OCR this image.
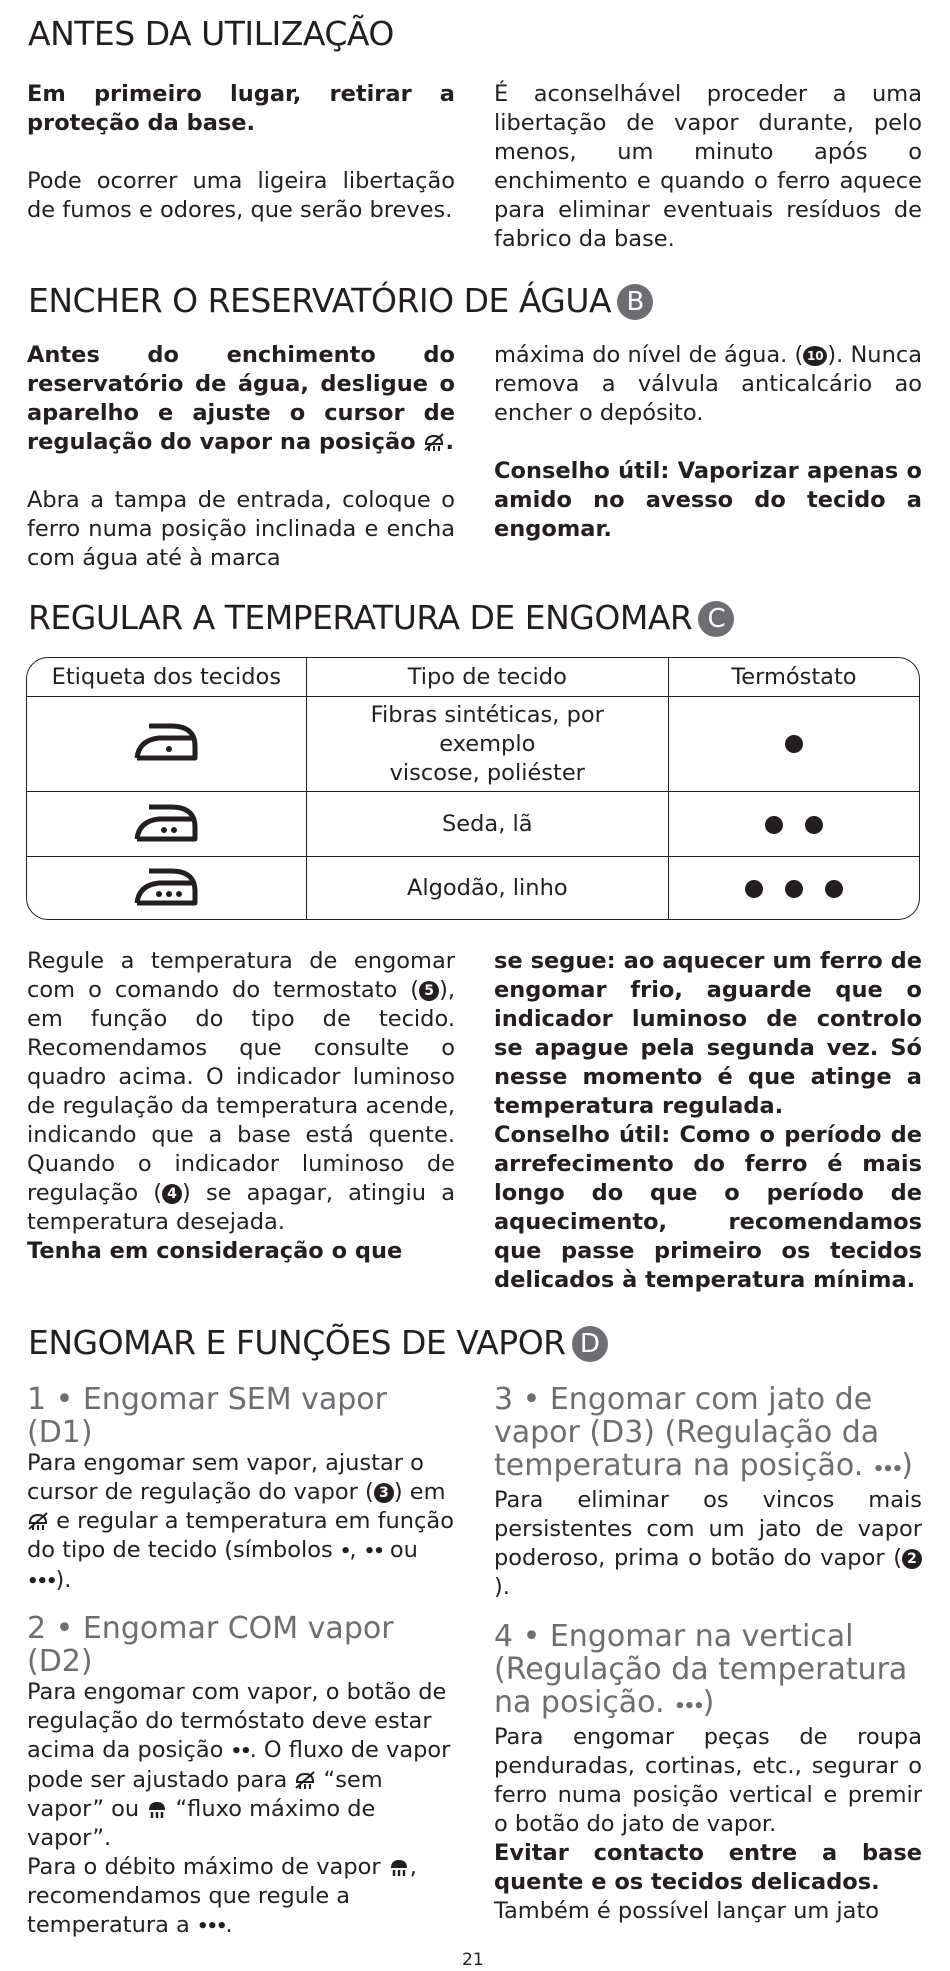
ANTES DA UTILIZAÇÃO

Em primeiro lugar, retirar a proteção da base.

Pode ocorrer uma ligeira libertação de fumos e odores, que serão breves.

É aconselhável proceder a uma libertação de vapor durante, pelo menos, um minuto após o enchimento e quando o ferro aquece para eliminar eventuais resíduos de fabrico da base.

ENCHER O RESERVATÓRIO DE ÁGUA B

Antes do enchimento do reservatório de água, desligue o aparelho e ajuste o cursor de regulação do vapor na posição .

Abra a tampa de entrada, coloque o ferro numa posição inclinada e encha com água até à marca

máxima do nível de água. ( 10 ). Nunca remova a válvula anticalcário ao encher o depósito.

Conselho útil: Vaporizar apenas o amido no avesso do tecido a engomar.

REGULAR A TEMPERATURA DE ENGOMAR C
Etiqueta dos tecidos	Tipo de tecido	Termóstato
	Fibras sintéticas, por
exemplo
viscose, poliéster	
	Seda, lã	
	Algodão, linho	

Regule a temperatura de engomar com o comando do termostato ( 5 ), em função do tipo de tecido. Recomendamos que consulte o quadro acima. O indicador luminoso de regulação da temperatura acende, indicando que a base está quente. Quando o indicador luminoso de regulação ( 4 ) se apagar, atingiu a temperatura desejada.

Tenha em consideração o que

se segue: ao aquecer um ferro de engomar frio, aguarde que o indicador luminoso de controlo se apague pela segunda vez. Só nesse momento é que atinge a temperatura regulada.

Conselho útil: Como o período de arrefecimento do ferro é mais longo do que o período de aquecimento, recomendamos que passe primeiro os tecidos delicados à temperatura mínima.

ENGOMAR E FUNÇÕES DE VAPOR D

1 • Engomar SEM vapor (D1)

Para engomar sem vapor, ajustar o cursor de regulação do vapor ( 3 ) em  e regular a temperatura em função do tipo de tecido (símbolos •, •• ou •••).

2 • Engomar COM vapor (D2)

Para engomar com vapor, o botão de regulação do termóstato deve estar acima da posição ••. O fluxo de vapor pode ser ajustado para “sem vapor” ou “fluxo máximo de vapor”.

Para o débito máximo de vapor , recomendamos que regule a temperatura a •••.

3 • Engomar com jato de vapor (D3) (Regulação da temperatura na posição. •••)

Para eliminar os vincos mais persistentes com um jato de vapor poderoso, prima o botão do vapor ( 2).

4 • Engomar na vertical (Regulação da temperatura na posição. •••)

Para engomar peças de roupa penduradas, cortinas, etc., segurar o ferro numa posição vertical e premir o botão do jato de vapor.

Evitar contacto entre a base quente e os tecidos delicados.

Também é possível lançar um jato

21
